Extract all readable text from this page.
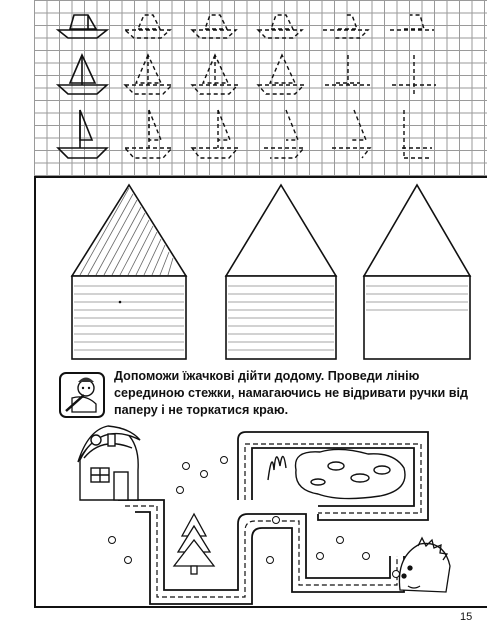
Допоможи їжачкові дійти додому. Проведи лінію серединою стежки, намагаючись не відривати ручки від паперу і не торкатися краю.
15
